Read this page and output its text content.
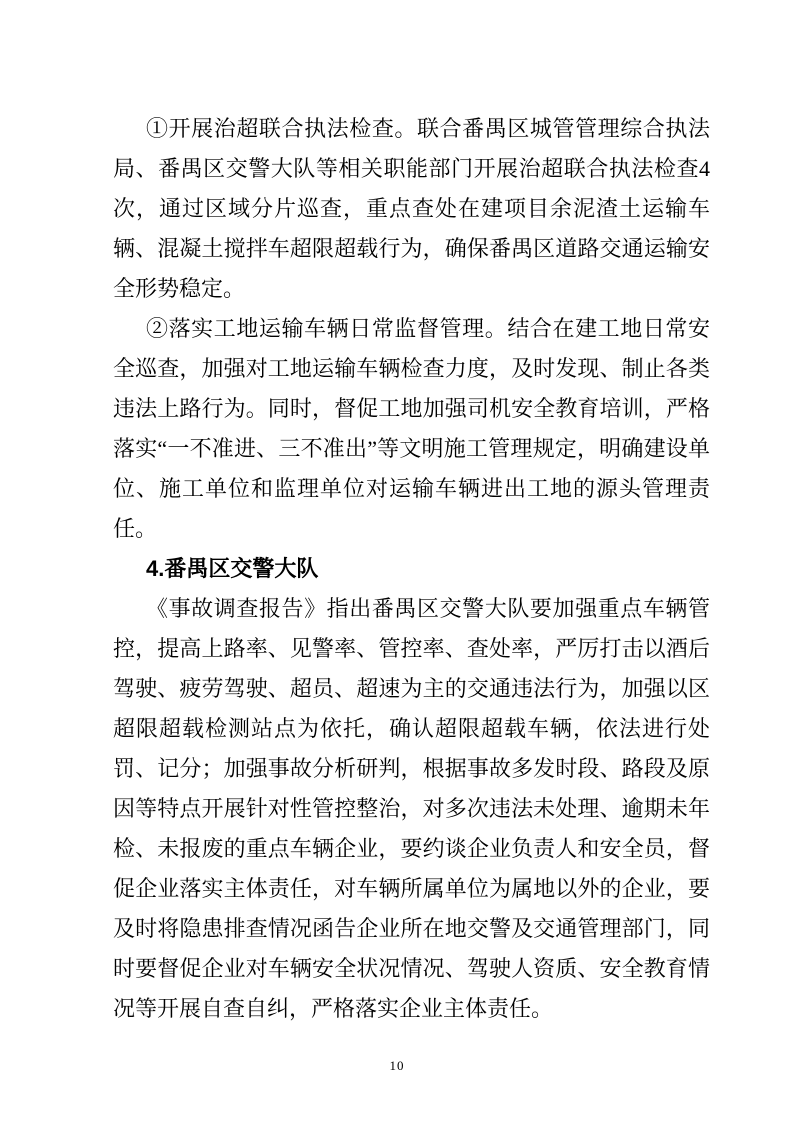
①开展治超联合执法检查。联合番禺区城管管理综合执法局、番禺区交警大队等相关职能部门开展治超联合执法检查4次，通过区域分片巡查，重点查处在建项目余泥渣土运输车辆、混凝土搅拌车超限超载行为，确保番禺区道路交通运输安全形势稳定。

②落实工地运输车辆日常监督管理。结合在建工地日常安全巡查，加强对工地运输车辆检查力度，及时发现、制止各类违法上路行为。同时，督促工地加强司机安全教育培训，严格落实“一不准进、三不准出”等文明施工管理规定，明确建设单位、施工单位和监理单位对运输车辆进出工地的源头管理责任。

4.番禺区交警大队

《事故调查报告》指出番禺区交警大队要加强重点车辆管控，提高上路率、见警率、管控率、查处率，严厉打击以酒后驾驶、疲劳驾驶、超员、超速为主的交通违法行为，加强以区超限超载检测站点为依托，确认超限超载车辆，依法进行处罚、记分；加强事故分析研判，根据事故多发时段、路段及原因等特点开展针对性管控整治，对多次违法未处理、逾期未年检、未报废的重点车辆企业，要约谈企业负责人和安全员，督促企业落实主体责任，对车辆所属单位为属地以外的企业，要及时将隐患排查情况函告企业所在地交警及交通管理部门，同时要督促企业对车辆安全状况情况、驾驶人资质、安全教育情况等开展自查自纠，严格落实企业主体责任。

10
